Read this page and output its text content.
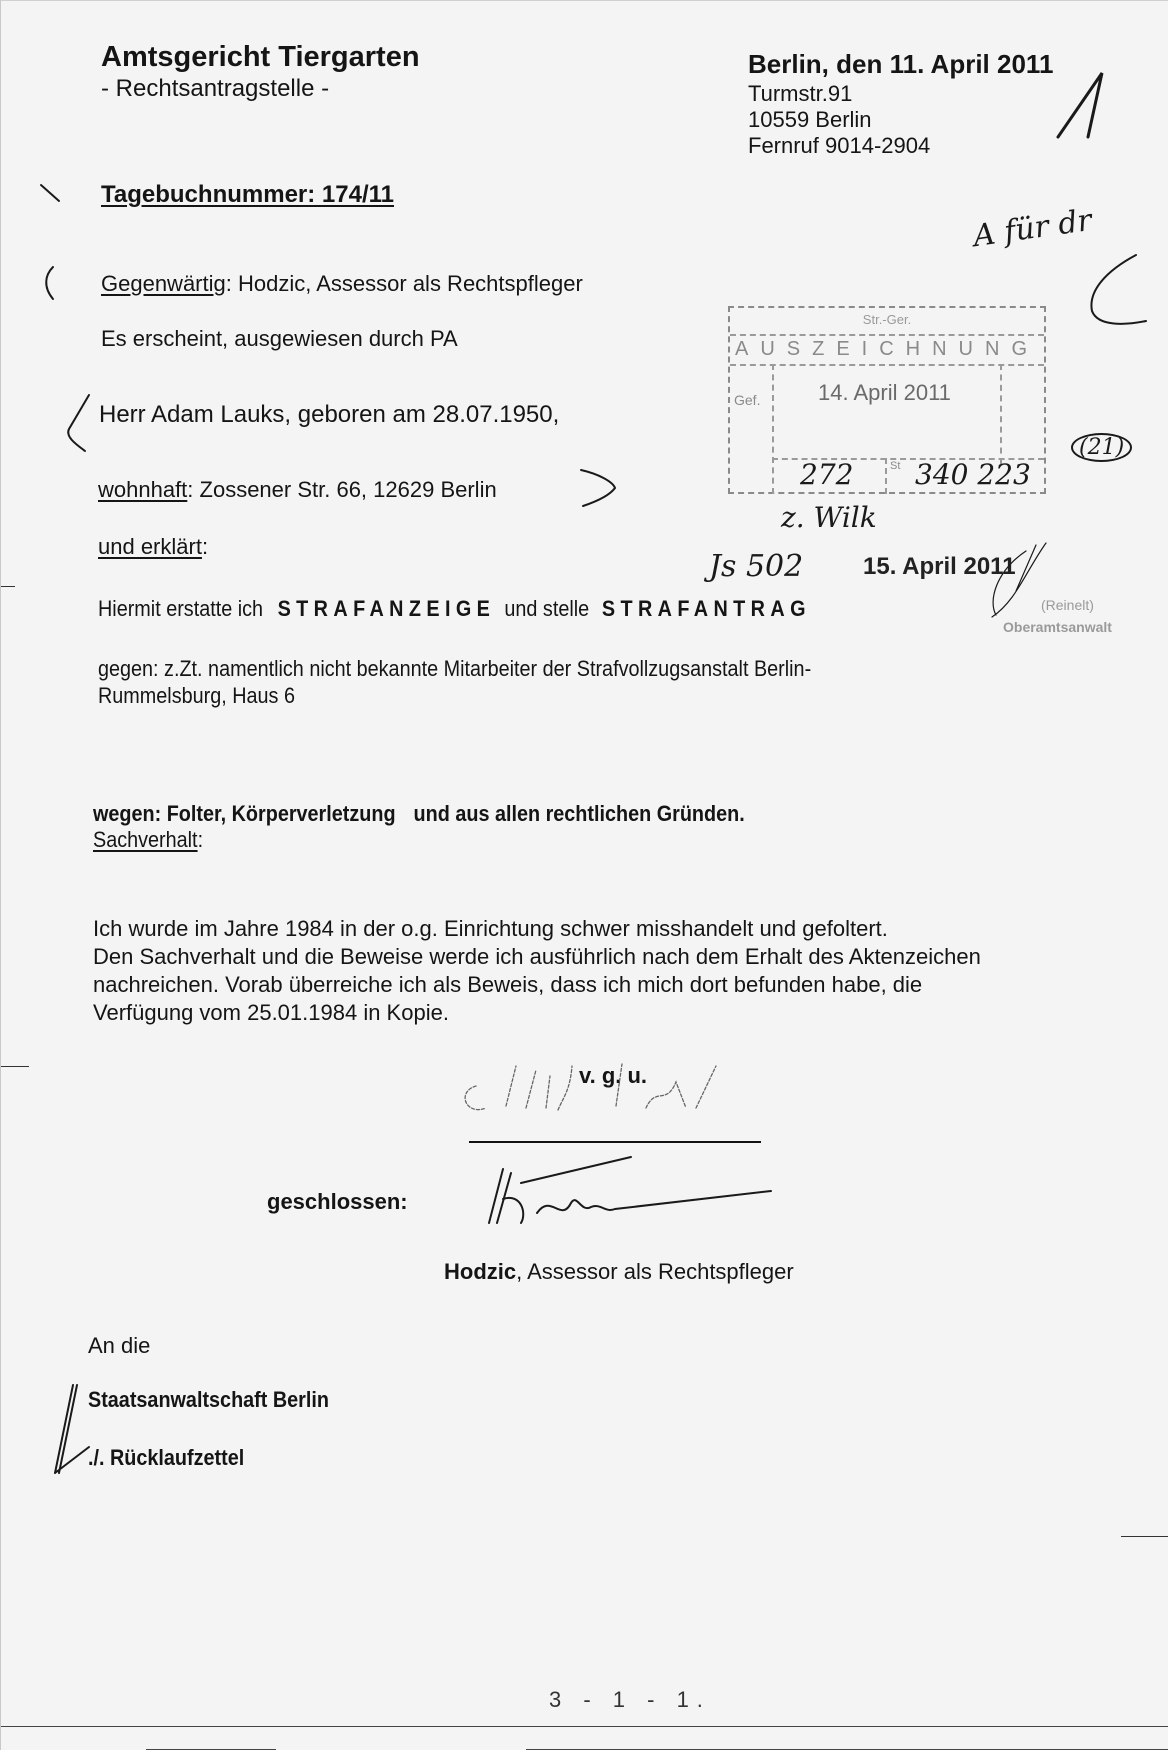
Amtsgericht Tiergarten
- Rechtsantragstelle -
Berlin, den 11. April 2011
Turmstr.91
10559 Berlin
Fernruf 9014-2904
Tagebuchnummer: 174/11
A für dr
Gegenwärtig: Hodzic, Assessor als Rechtspfleger
Es erscheint, ausgewiesen durch PA
Str.-Ger.
AUSZEICHNUNG
Gef.	14. April 2011
St
272 340 223
(21)
Herr Adam Lauks, geboren am 28.07.1950,
wohnhaft: Zossener Str. 66, 12629 Berlin
z. Wilk
und erklärt:
Js 502 15. April 2011
(Reinelt)
Oberamtsanwalt
Hiermit erstatte ich STRAFANZEIGE und stelle STRAFANTRAG
gegen: z.Zt. namentlich nicht bekannte Mitarbeiter der Strafvollzugsanstalt Berlin-
Rummelsburg, Haus 6
wegen: Folter, Körperverletzung und aus allen rechtlichen Gründen.
Sachverhalt:
Ich wurde im Jahre 1984 in der o.g. Einrichtung schwer misshandelt und gefoltert.
Den Sachverhalt und die Beweise werde ich ausführlich nach dem Erhalt des Aktenzeichen
nachreichen. Vorab überreiche ich als Beweis, dass ich mich dort befunden habe, die
Verfügung vom 25.01.1984 in Kopie.
v. g. u.
geschlossen:
Hodzic, Assessor als Rechtspfleger
An die
Staatsanwaltschaft Berlin
./. Rücklaufzettel
3 - 1 - 1.
